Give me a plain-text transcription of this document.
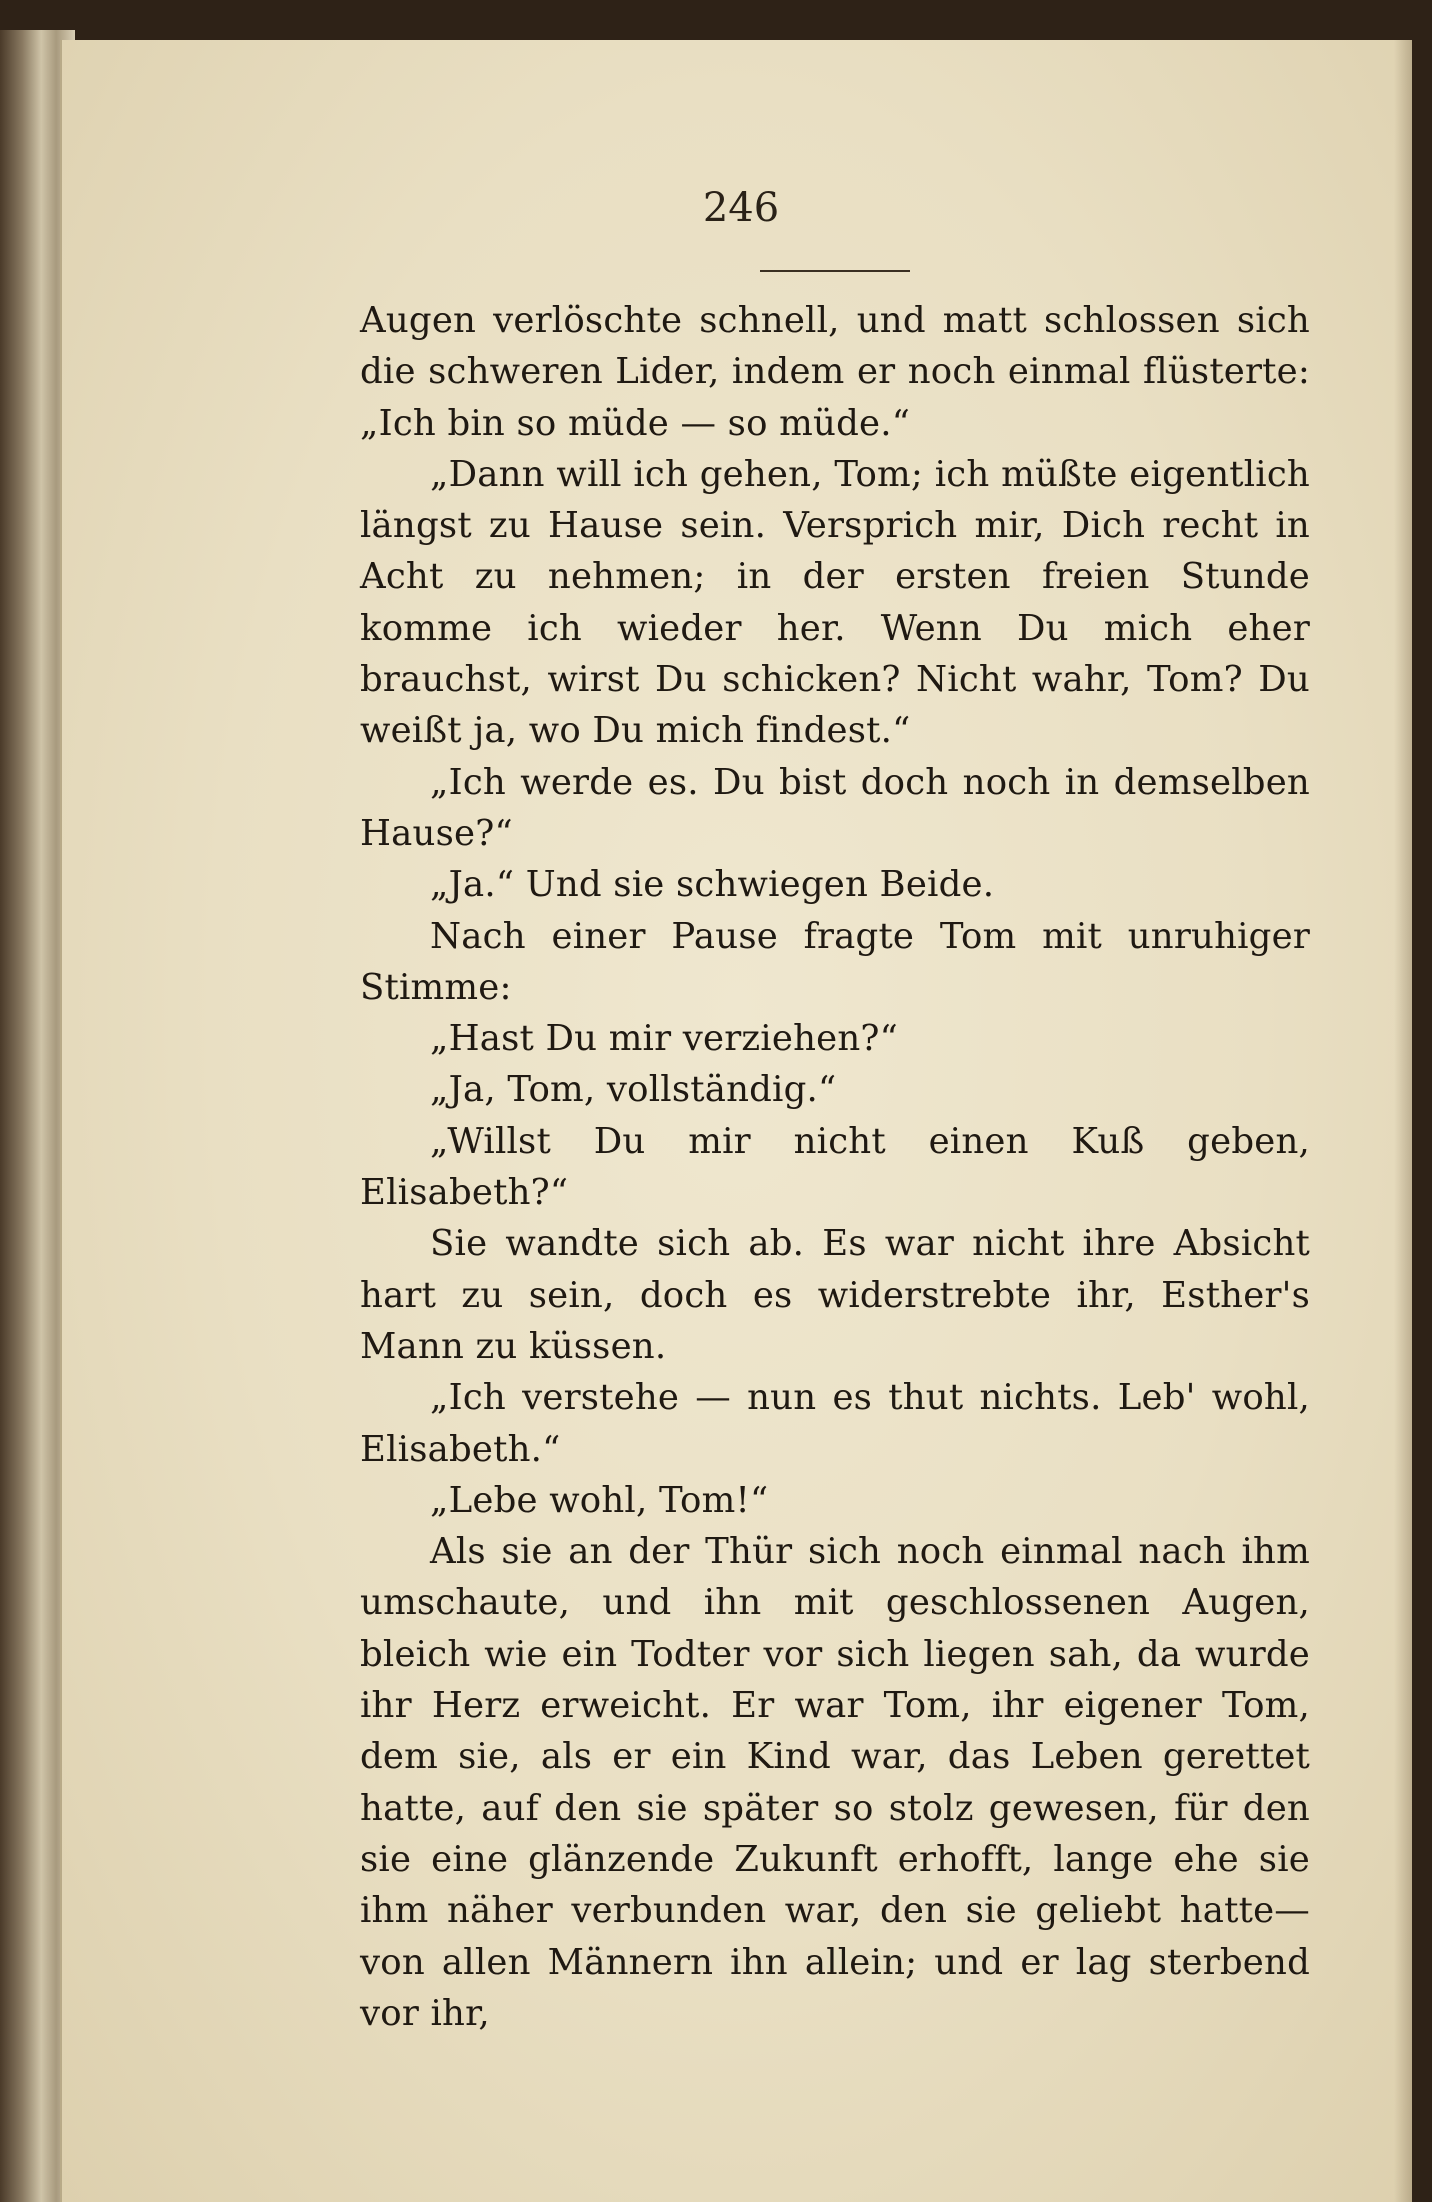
246

Augen verlöschte schnell, und matt schlossen sich die schweren Lider, indem er noch einmal flüsterte: „Ich bin so müde — so müde.“

„Dann will ich gehen, Tom; ich müßte eigentlich längst zu Hause sein. Versprich mir, Dich recht in Acht zu nehmen; in der ersten freien Stunde komme ich wieder her. Wenn Du mich eher brauchst, wirst Du schicken? Nicht wahr, Tom? Du weißt ja, wo Du mich findest.“

„Ich werde es. Du bist doch noch in demselben Hause?“

„Ja.“ Und sie schwiegen Beide.

Nach einer Pause fragte Tom mit unruhiger Stimme:

„Hast Du mir verziehen?“

„Ja, Tom, vollständig.“

„Willst Du mir nicht einen Kuß geben, Elisabeth?“

Sie wandte sich ab. Es war nicht ihre Absicht hart zu sein, doch es widerstrebte ihr, Esther's Mann zu küssen.

„Ich verstehe — nun es thut nichts. Leb' wohl, Elisabeth.“

„Lebe wohl, Tom!“

Als sie an der Thür sich noch einmal nach ihm umschaute, und ihn mit geschlossenen Augen, bleich wie ein Todter vor sich liegen sah, da wurde ihr Herz erweicht. Er war Tom, ihr eigener Tom, dem sie, als er ein Kind war, das Leben gerettet hatte, auf den sie später so stolz gewesen, für den sie eine glänzende Zukunft erhofft, lange ehe sie ihm näher verbunden war, den sie geliebt hatte—von allen Männern ihn allein; und er lag sterbend vor ihr,
